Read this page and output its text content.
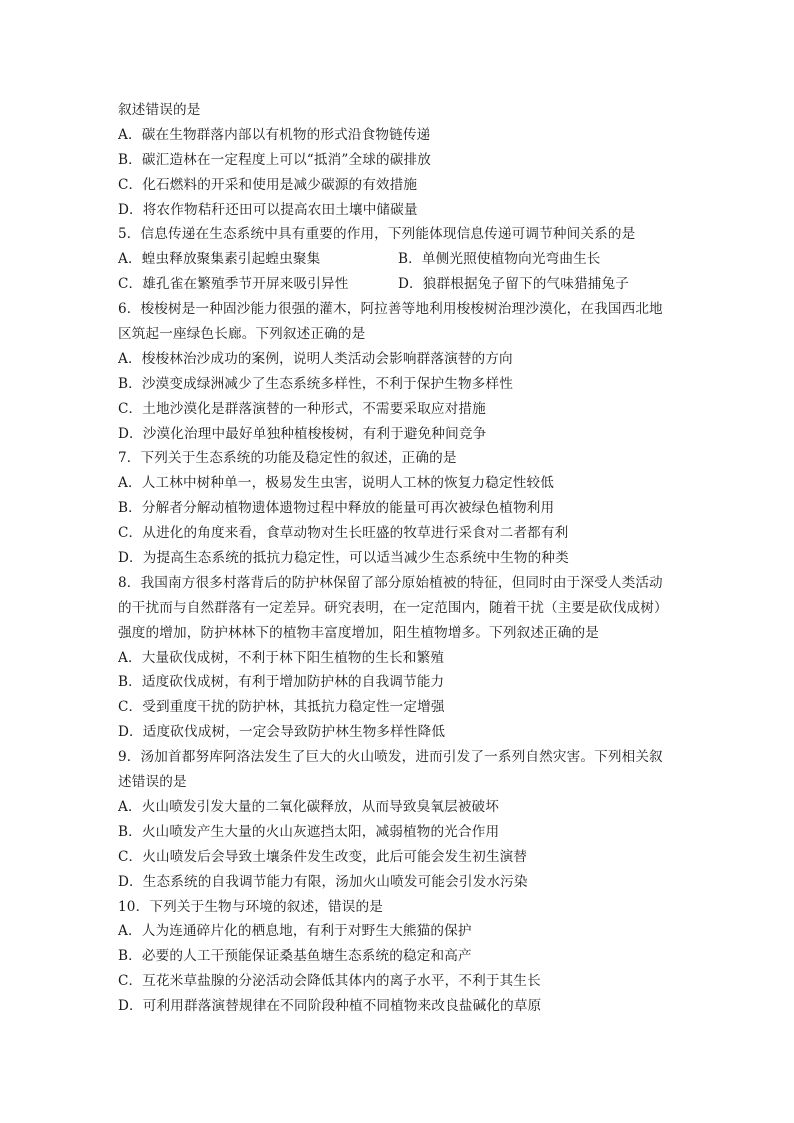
叙述错误的是
A．碳在生物群落内部以有机物的形式沿食物链传递
B．碳汇造林在一定程度上可以“抵消”全球的碳排放
C．化石燃料的开采和使用是减少碳源的有效措施
D．将农作物秸秆还田可以提高农田土壤中储碳量
5．信息传递在生态系统中具有重要的作用，下列能体现信息传递可调节种间关系的是
A．蝗虫释放聚集素引起蝗虫聚集	B．单侧光照使植物向光弯曲生长
C．雄孔雀在繁殖季节开屏来吸引异性	D．狼群根据兔子留下的气味猎捕兔子
6．梭梭树是一种固沙能力很强的灌木，阿拉善等地利用梭梭树治理沙漠化，在我国西北地
区筑起一座绿色长廊。下列叙述正确的是
A．梭梭林治沙成功的案例，说明人类活动会影响群落演替的方向
B．沙漠变成绿洲减少了生态系统多样性，不利于保护生物多样性
C．土地沙漠化是群落演替的一种形式，不需要采取应对措施
D．沙漠化治理中最好单独种植梭梭树，有利于避免种间竞争
7．下列关于生态系统的功能及稳定性的叙述，正确的是
A．人工林中树种单一，极易发生虫害，说明人工林的恢复力稳定性较低
B．分解者分解动植物遗体遗物过程中释放的能量可再次被绿色植物利用
C．从进化的角度来看，食草动物对生长旺盛的牧草进行采食对二者都有利
D．为提高生态系统的抵抗力稳定性，可以适当减少生态系统中生物的种类
8．我国南方很多村落背后的防护林保留了部分原始植被的特征，但同时由于深受人类活动
的干扰而与自然群落有一定差异。研究表明，在一定范围内，随着干扰（主要是砍伐成树）
强度的增加，防护林林下的植物丰富度增加，阳生植物增多。下列叙述正确的是
A．大量砍伐成树，不利于林下阳生植物的生长和繁殖
B．适度砍伐成树，有利于增加防护林的自我调节能力
C．受到重度干扰的防护林，其抵抗力稳定性一定增强
D．适度砍伐成树，一定会导致防护林生物多样性降低
9．汤加首都努库阿洛法发生了巨大的火山喷发，进而引发了一系列自然灾害。下列相关叙
述错误的是
A．火山喷发引发大量的二氧化碳释放，从而导致臭氧层被破坏
B．火山喷发产生大量的火山灰遮挡太阳，减弱植物的光合作用
C．火山喷发后会导致土壤条件发生改变，此后可能会发生初生演替
D．生态系统的自我调节能力有限，汤加火山喷发可能会引发水污染
10．下列关于生物与环境的叙述，错误的是
A．人为连通碎片化的栖息地，有利于对野生大熊猫的保护
B．必要的人工干预能保证桑基鱼塘生态系统的稳定和高产
C．互花米草盐腺的分泌活动会降低其体内的离子水平，不利于其生长
D．可利用群落演替规律在不同阶段种植不同植物来改良盐碱化的草原
